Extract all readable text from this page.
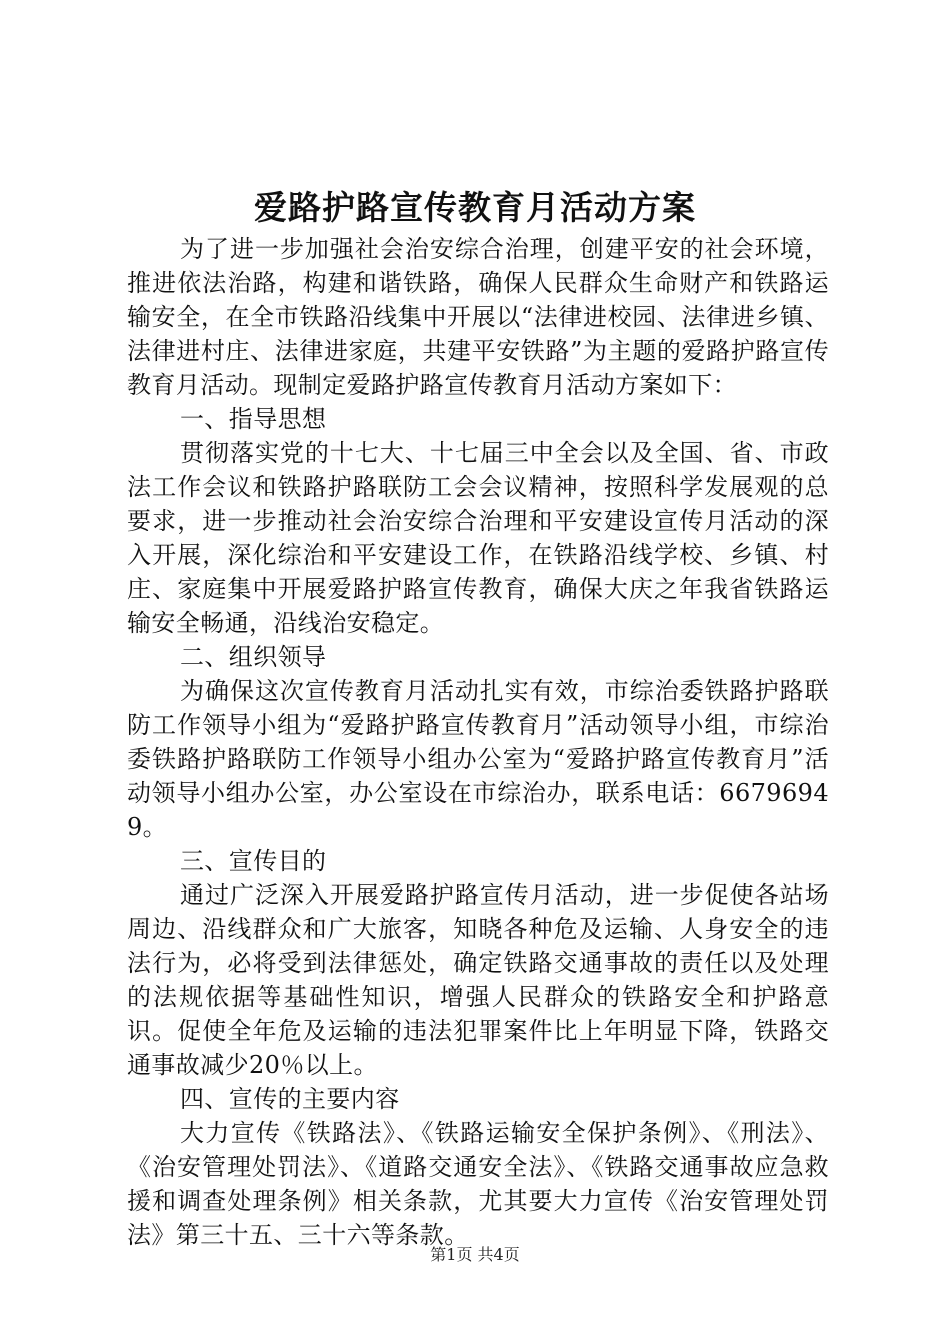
爱路护路宣传教育月活动方案

为了进一步加强社会治安综合治理，创建平安的社会环境，推进依法治路，构建和谐铁路，确保人民群众生命财产和铁路运输安全，在全市铁路沿线集中开展以“法律进校园、法律进乡镇、法律进村庄、法律进家庭，共建平安铁路”为主题的爱路护路宣传教育月活动。现制定爱路护路宣传教育月活动方案如下：

一、指导思想

贯彻落实党的十七大、十七届三中全会以及全国、省、市政法工作会议和铁路护路联防工会会议精神，按照科学发展观的总要求，进一步推动社会治安综合治理和平安建设宣传月活动的深入开展，深化综治和平安建设工作，在铁路沿线学校、乡镇、村庄、家庭集中开展爱路护路宣传教育，确保大庆之年我省铁路运输安全畅通，沿线治安稳定。

二、组织领导

为确保这次宣传教育月活动扎实有效，市综治委铁路护路联防工作领导小组为“爱路护路宣传教育月”活动领导小组，市综治委铁路护路联防工作领导小组办公室为“爱路护路宣传教育月”活动领导小组办公室，办公室设在市综治办，联系电话：66796949。

三、宣传目的

通过广泛深入开展爱路护路宣传月活动，进一步促使各站场周边、沿线群众和广大旅客，知晓各种危及运输、人身安全的违法行为，必将受到法律惩处，确定铁路交通事故的责任以及处理的法规依据等基础性知识，增强人民群众的铁路安全和护路意识。促使全年危及运输的违法犯罪案件比上年明显下降，铁路交通事故减少20％以上。

四、宣传的主要内容

大力宣传《铁路法》、《铁路运输安全保护条例》、《刑法》、《治安管理处罚法》、《道路交通安全法》、《铁路交通事故应急救援和调查处理条例》相关条款，尤其要大力宣传《治安管理处罚法》第三十五、三十六等条款。

第1页 共4页
